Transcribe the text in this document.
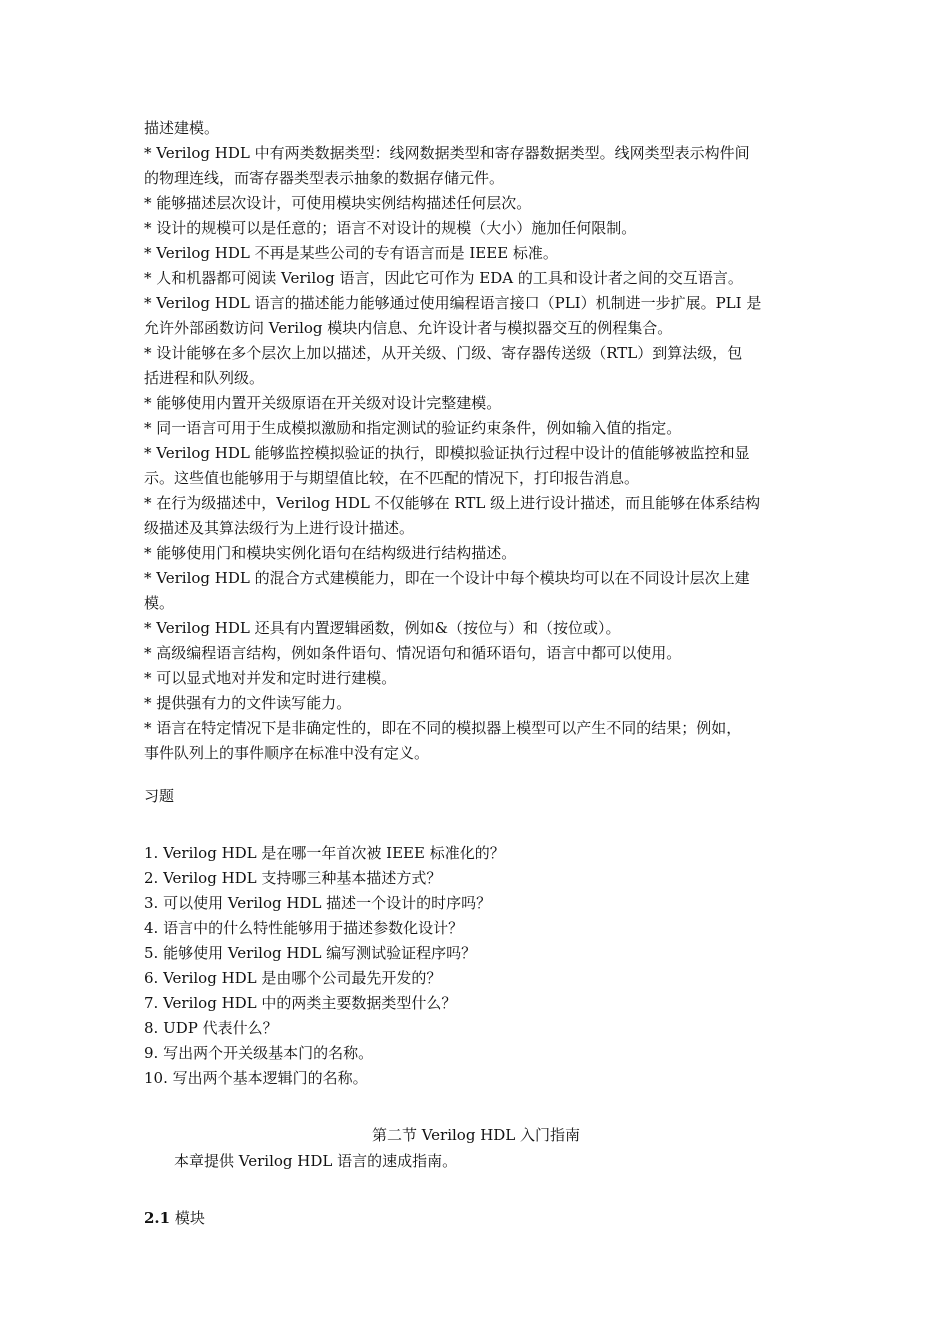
描述建模。
* Verilog HDL 中有两类数据类型：线网数据类型和寄存器数据类型。线网类型表示构件间
的物理连线，而寄存器类型表示抽象的数据存储元件。
* 能够描述层次设计，可使用模块实例结构描述任何层次。
* 设计的规模可以是任意的；语言不对设计的规模（大小）施加任何限制。
* Verilog HDL 不再是某些公司的专有语言而是 IEEE 标准。
* 人和机器都可阅读 Verilog 语言，因此它可作为 EDA 的工具和设计者之间的交互语言。
* Verilog HDL 语言的描述能力能够通过使用编程语言接口（PLI）机制进一步扩展。PLI 是
允许外部函数访问 Verilog 模块内信息、允许设计者与模拟器交互的例程集合。
* 设计能够在多个层次上加以描述，从开关级、门级、寄存器传送级（RTL）到算法级，包
括进程和队列级。
* 能够使用内置开关级原语在开关级对设计完整建模。
* 同一语言可用于生成模拟激励和指定测试的验证约束条件，例如输入值的指定。
* Verilog HDL 能够监控模拟验证的执行，即模拟验证执行过程中设计的值能够被监控和显
示。这些值也能够用于与期望值比较，在不匹配的情况下，打印报告消息。
* 在行为级描述中，Verilog HDL 不仅能够在 RTL 级上进行设计描述，而且能够在体系结构
级描述及其算法级行为上进行设计描述。
* 能够使用门和模块实例化语句在结构级进行结构描述。
* Verilog HDL 的混合方式建模能力，即在一个设计中每个模块均可以在不同设计层次上建
模。
* Verilog HDL 还具有内置逻辑函数，例如&（按位与）和（按位或）。
* 高级编程语言结构，例如条件语句、情况语句和循环语句，语言中都可以使用。
* 可以显式地对并发和定时进行建模。
* 提供强有力的文件读写能力。
* 语言在特定情况下是非确定性的，即在不同的模拟器上模型可以产生不同的结果；例如，
事件队列上的事件顺序在标准中没有定义。
习题
1. Verilog HDL 是在哪一年首次被 IEEE 标准化的？
2. Verilog HDL 支持哪三种基本描述方式？
3. 可以使用 Verilog HDL 描述一个设计的时序吗？
4. 语言中的什么特性能够用于描述参数化设计？
5. 能够使用 Verilog HDL 编写测试验证程序吗？
6. Verilog HDL 是由哪个公司最先开发的？
7. Verilog HDL 中的两类主要数据类型什么？
8. UDP 代表什么？
9. 写出两个开关级基本门的名称。
10. 写出两个基本逻辑门的名称。
第二节 Verilog HDL 入门指南
本章提供 Verilog HDL 语言的速成指南。
2.1 模块
